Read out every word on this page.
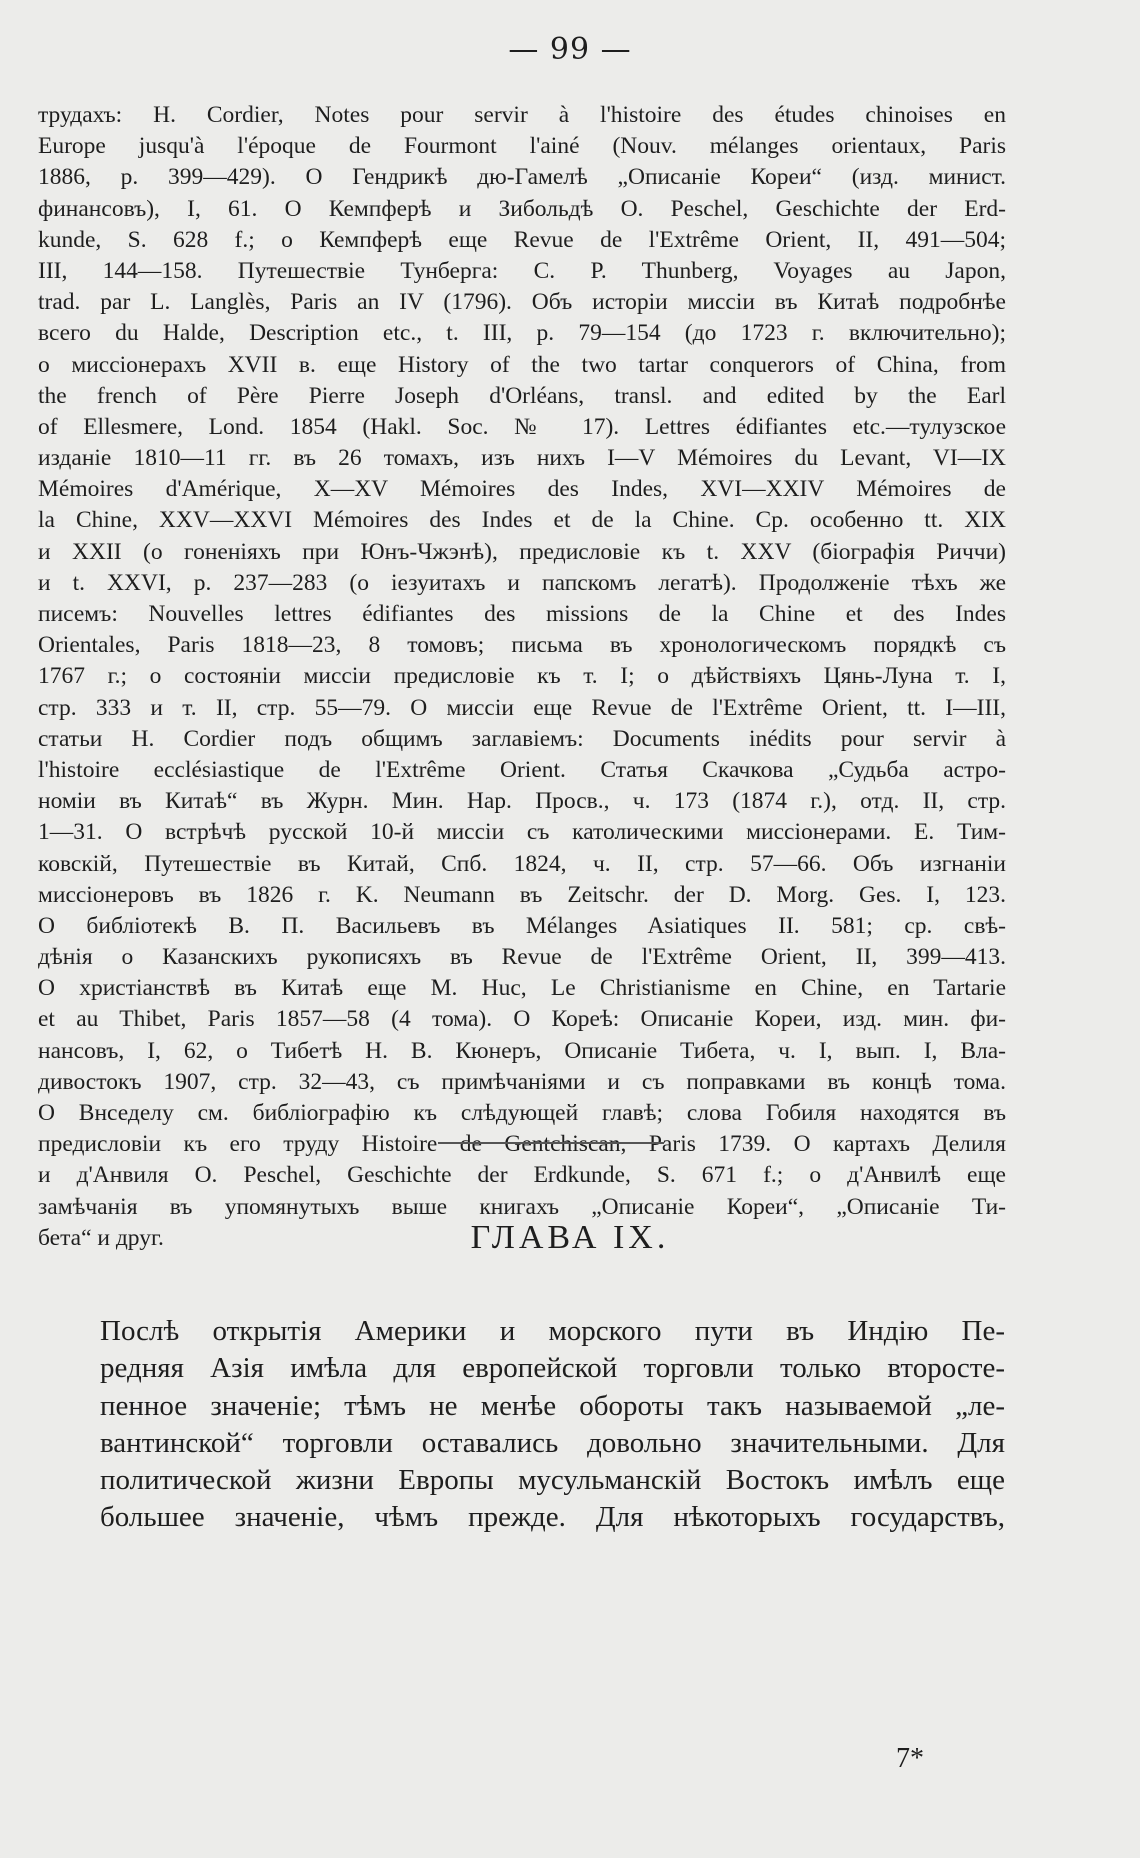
— 99 —
трудахъ: Н. Cordier, Notes pour servir à l'histoire des études chinoises en
Europe jusqu'à l'époque de Fourmont l'ainé (Nouv. mélanges orientaux, Paris
1886, p. 399—429). О Гендрикѣ дю-Гамелѣ „Описаніе Кореи“ (изд. минист.
финансовъ), I, 61. О Кемпферѣ и Зибольдѣ O. Peschel, Geschichte der Erd-
kunde, S. 628 f.; о Кемпферѣ еще Revue de l'Extrême Orient, II, 491—504;
III, 144—158. Путешествіе Тунберга: С. P. Thunberg, Voyages au Japon,
trad. par L. Langlès, Paris an IV (1796). Объ исторіи миссіи въ Китаѣ подробнѣе
всего du Halde, Description etc., t. III, p. 79—154 (до 1723 г. включительно);
о миссіонерахъ XVII в. еще History of the two tartar conquerors of China, from
the french of Père Pierre Joseph d'Orléans, transl. and edited by the Earl
of Ellesmere, Lond. 1854 (Hakl. Soc. № 17). Lettres édifiantes etc.—тулузское
изданіе 1810—11 гг. въ 26 томахъ, изъ нихъ I—V Mémoires du Levant, VI—IX
Mémoires d'Amérique, X—XV Mémoires des Indes, XVI—XXIV Mémoires de
la Chine, XXV—XXVI Mémoires des Indes et de la Chine. Ср. особенно tt. XIX
и XXII (о гоненіяхъ при Юнъ-Чжэнѣ), предисловіе къ t. XXV (біографія Риччи)
и t. XXVI, p. 237—283 (о іезуитахъ и папскомъ легатѣ). Продолженіе тѣхъ же
писемъ: Nouvelles lettres édifiantes des missions de la Chine et des Indes
Orientales, Paris 1818—23, 8 томовъ; письма въ хронологическомъ порядкѣ съ
1767 г.; о состояніи миссіи предисловіе къ т. I; о дѣйствіяхъ Цянь-Луна т. I,
стр. 333 и т. II, стр. 55—79. О миссіи еще Revue de l'Extrême Orient, tt. I—III,
статьи Н. Cordier подъ общимъ заглавіемъ: Documents inédits pour servir à
l'histoire ecclésiastique de l'Extrême Orient. Статья Скачкова „Судьба астро-
номіи въ Китаѣ“ въ Журн. Мин. Нар. Просв., ч. 173 (1874 г.), отд. II, стр.
1—31. О встрѣчѣ русской 10-й миссіи съ католическими миссіонерами. Е. Тим-
ковскій, Путешествіе въ Китай, Спб. 1824, ч. II, стр. 57—66. Объ изгнаніи
миссіонеровъ въ 1826 г. K. Neumann въ Zeitschr. der D. Morg. Ges. I, 123.
О библіотекѣ В. П. Васильевъ въ Mélanges Asiatiques II. 581; ср. свѣ-
дѣнія о Казанскихъ рукописяхъ въ Revue de l'Extrême Orient, II, 399—413.
О христіанствѣ въ Китаѣ еще M. Huc, Le Christianisme en Chine, en Tartarie
et au Thibet, Paris 1857—58 (4 тома). О Кореѣ: Описаніе Кореи, изд. мин. фи-
нансовъ, I, 62, о Тибетѣ Н. В. Кюнеръ, Описаніе Тибета, ч. I, вып. I, Вла-
дивостокъ 1907, стр. 32—43, съ примѣчаніями и съ поправками въ концѣ тома.
О Внседелу см. библіографію къ слѣдующей главѣ; слова Гобиля находятся въ
предисловіи къ его труду Histoire de Gentchiscan, Paris 1739. О картахъ Делиля
и д'Анвиля O. Peschel, Geschichte der Erdkunde, S. 671 f.; о д'Анвилѣ еще
замѣчанія въ упомянутыхъ выше книгахъ „Описаніе Кореи“, „Описаніе Ти-
бета“ и друг.	ГЛАВА IX.
Послѣ открытія Америки и морского пути въ Индію Пе-
редняя Азія имѣла для европейской торговли только второсте-
пенное значеніе; тѣмъ не менѣе обороты такъ называемой „ле-
вантинской“ торговли оставались довольно значительными. Для
политической жизни Европы мусульманскій Востокъ имѣлъ еще
большее значеніе, чѣмъ прежде. Для нѣкоторыхъ государствъ,
7*
